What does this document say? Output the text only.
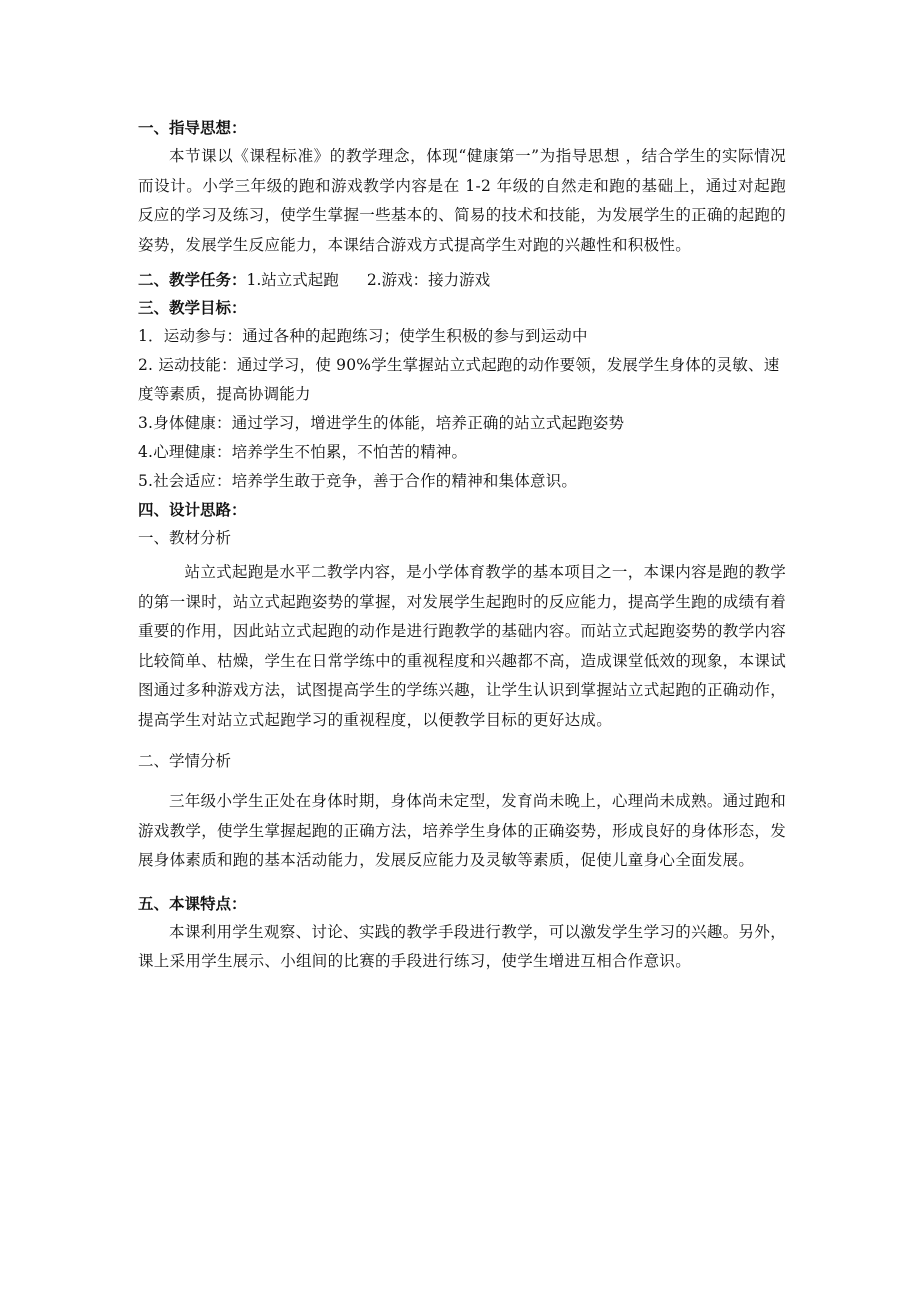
一、指导思想：

本节课以《课程标准》的教学理念，体现“健康第一”为指导思想 ，结合学生的实际情况而设计。小学三年级的跑和游戏教学内容是在 1-2 年级的自然走和跑的基础上，通过对起跑反应的学习及练习，使学生掌握一些基本的、简易的技术和技能，为发展学生的正确的起跑的姿势，发展学生反应能力，本课结合游戏方式提高学生对跑的兴趣性和积极性。

二、教学任务： 1.站立式起跑 2.游戏：接力游戏

三、教学目标：

1．运动参与：通过各种的起跑练习；使学生积极的参与到运动中

2. 运动技能：通过学习，使 90%学生掌握站立式起跑的动作要领，发展学生身体的灵敏、速度等素质，提高协调能力

3.身体健康：通过学习，增进学生的体能，培养正确的站立式起跑姿势

4.心理健康：培养学生不怕累，不怕苦的精神。

5.社会适应：培养学生敢于竞争，善于合作的精神和集体意识。

四、设计思路：

一、教材分析

站立式起跑是水平二教学内容，是小学体育教学的基本项目之一，本课内容是跑的教学的第一课时，站立式起跑姿势的掌握，对发展学生起跑时的反应能力，提高学生跑的成绩有着重要的作用，因此站立式起跑的动作是进行跑教学的基础内容。而站立式起跑姿势的教学内容比较简单、枯燥，学生在日常学练中的重视程度和兴趣都不高，造成课堂低效的现象，本课试图通过多种游戏方法，试图提高学生的学练兴趣，让学生认识到掌握站立式起跑的正确动作，提高学生对站立式起跑学习的重视程度，以便教学目标的更好达成。

二、学情分析

三年级小学生正处在身体时期，身体尚未定型，发育尚未晚上，心理尚未成熟。通过跑和游戏教学，使学生掌握起跑的正确方法，培养学生身体的正确姿势，形成良好的身体形态，发展身体素质和跑的基本活动能力，发展反应能力及灵敏等素质，促使儿童身心全面发展。

五、本课特点：

本课利用学生观察、讨论、实践的教学手段进行教学，可以激发学生学习的兴趣。另外，课上采用学生展示、小组间的比赛的手段进行练习，使学生增进互相合作意识。
